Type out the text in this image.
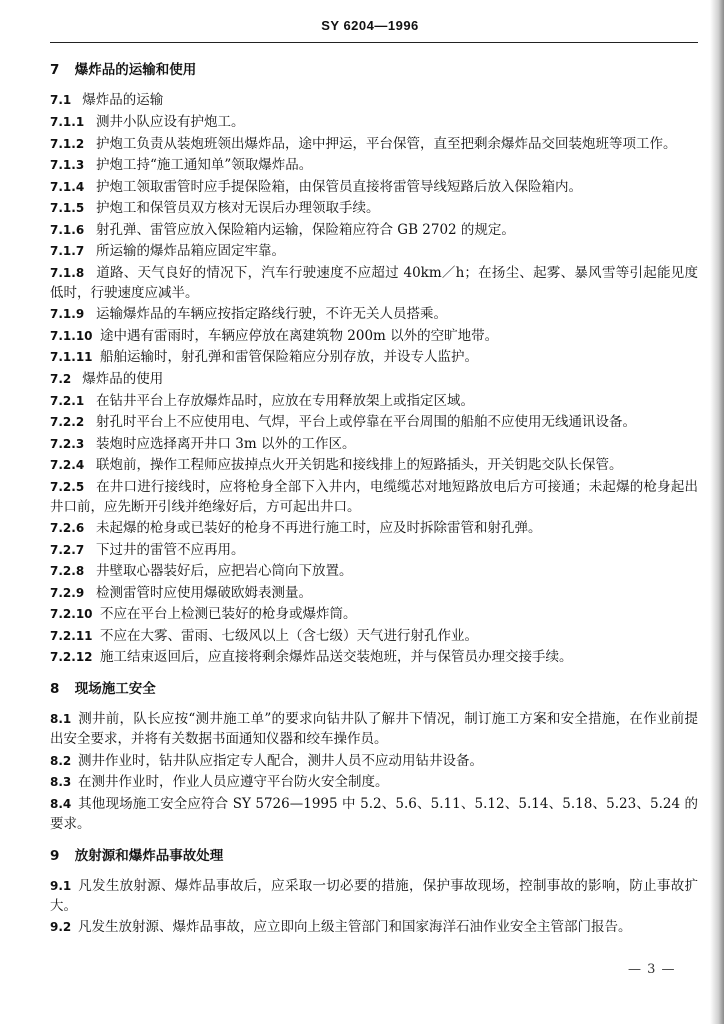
SY 6204—1996
7 爆炸品的运输和使用
7.1 爆炸品的运输
7.1.1 测井小队应设有护炮工。
7.1.2 护炮工负责从装炮班领出爆炸品，途中押运，平台保管，直至把剩余爆炸品交回装炮班等项工作。
7.1.3 护炮工持“施工通知单”领取爆炸品。
7.1.4 护炮工领取雷管时应手提保险箱，由保管员直接将雷管导线短路后放入保险箱内。
7.1.5 护炮工和保管员双方核对无误后办理领取手续。
7.1.6 射孔弹、雷管应放入保险箱内运输，保险箱应符合 GB 2702 的规定。
7.1.7 所运输的爆炸品箱应固定牢靠。
7.1.8 道路、天气良好的情况下，汽车行驶速度不应超过 40km／h；在扬尘、起雾、暴风雪等引起能见度低时，行驶速度应减半。
7.1.9 运输爆炸品的车辆应按指定路线行驶，不许无关人员搭乘。
7.1.10 途中遇有雷雨时，车辆应停放在离建筑物 200m 以外的空旷地带。
7.1.11 船舶运输时，射孔弹和雷管保险箱应分别存放，并设专人监护。
7.2 爆炸品的使用
7.2.1 在钻井平台上存放爆炸品时，应放在专用释放架上或指定区域。
7.2.2 射孔时平台上不应使用电、气焊，平台上或停靠在平台周围的船舶不应使用无线通讯设备。
7.2.3 装炮时应选择离开井口 3m 以外的工作区。
7.2.4 联炮前，操作工程师应拔掉点火开关钥匙和接线排上的短路插头，开关钥匙交队长保管。
7.2.5 在井口进行接线时，应将枪身全部下入井内，电缆缆芯对地短路放电后方可接通；未起爆的枪身起出井口前，应先断开引线并绝缘好后，方可起出井口。
7.2.6 未起爆的枪身或已装好的枪身不再进行施工时，应及时拆除雷管和射孔弹。
7.2.7 下过井的雷管不应再用。
7.2.8 井壁取心器装好后，应把岩心筒向下放置。
7.2.9 检测雷管时应使用爆破欧姆表测量。
7.2.10 不应在平台上检测已装好的枪身或爆炸筒。
7.2.11 不应在大雾、雷雨、七级风以上（含七级）天气进行射孔作业。
7.2.12 施工结束返回后，应直接将剩余爆炸品送交装炮班，并与保管员办理交接手续。
8 现场施工安全
8.1 测井前，队长应按“测井施工单”的要求向钻井队了解井下情况，制订施工方案和安全措施，在作业前提出安全要求，并将有关数据书面通知仪器和绞车操作员。
8.2 测井作业时，钻井队应指定专人配合，测井人员不应动用钻井设备。
8.3 在测井作业时，作业人员应遵守平台防火安全制度。
8.4 其他现场施工安全应符合 SY 5726—1995 中 5.2、5.6、5.11、5.12、5.14、5.18、5.23、5.24 的要求。
9 放射源和爆炸品事故处理
9.1 凡发生放射源、爆炸品事故后，应采取一切必要的措施，保护事故现场，控制事故的影响，防止事故扩大。
9.2 凡发生放射源、爆炸品事故，应立即向上级主管部门和国家海洋石油作业安全主管部门报告。
— 3 —
